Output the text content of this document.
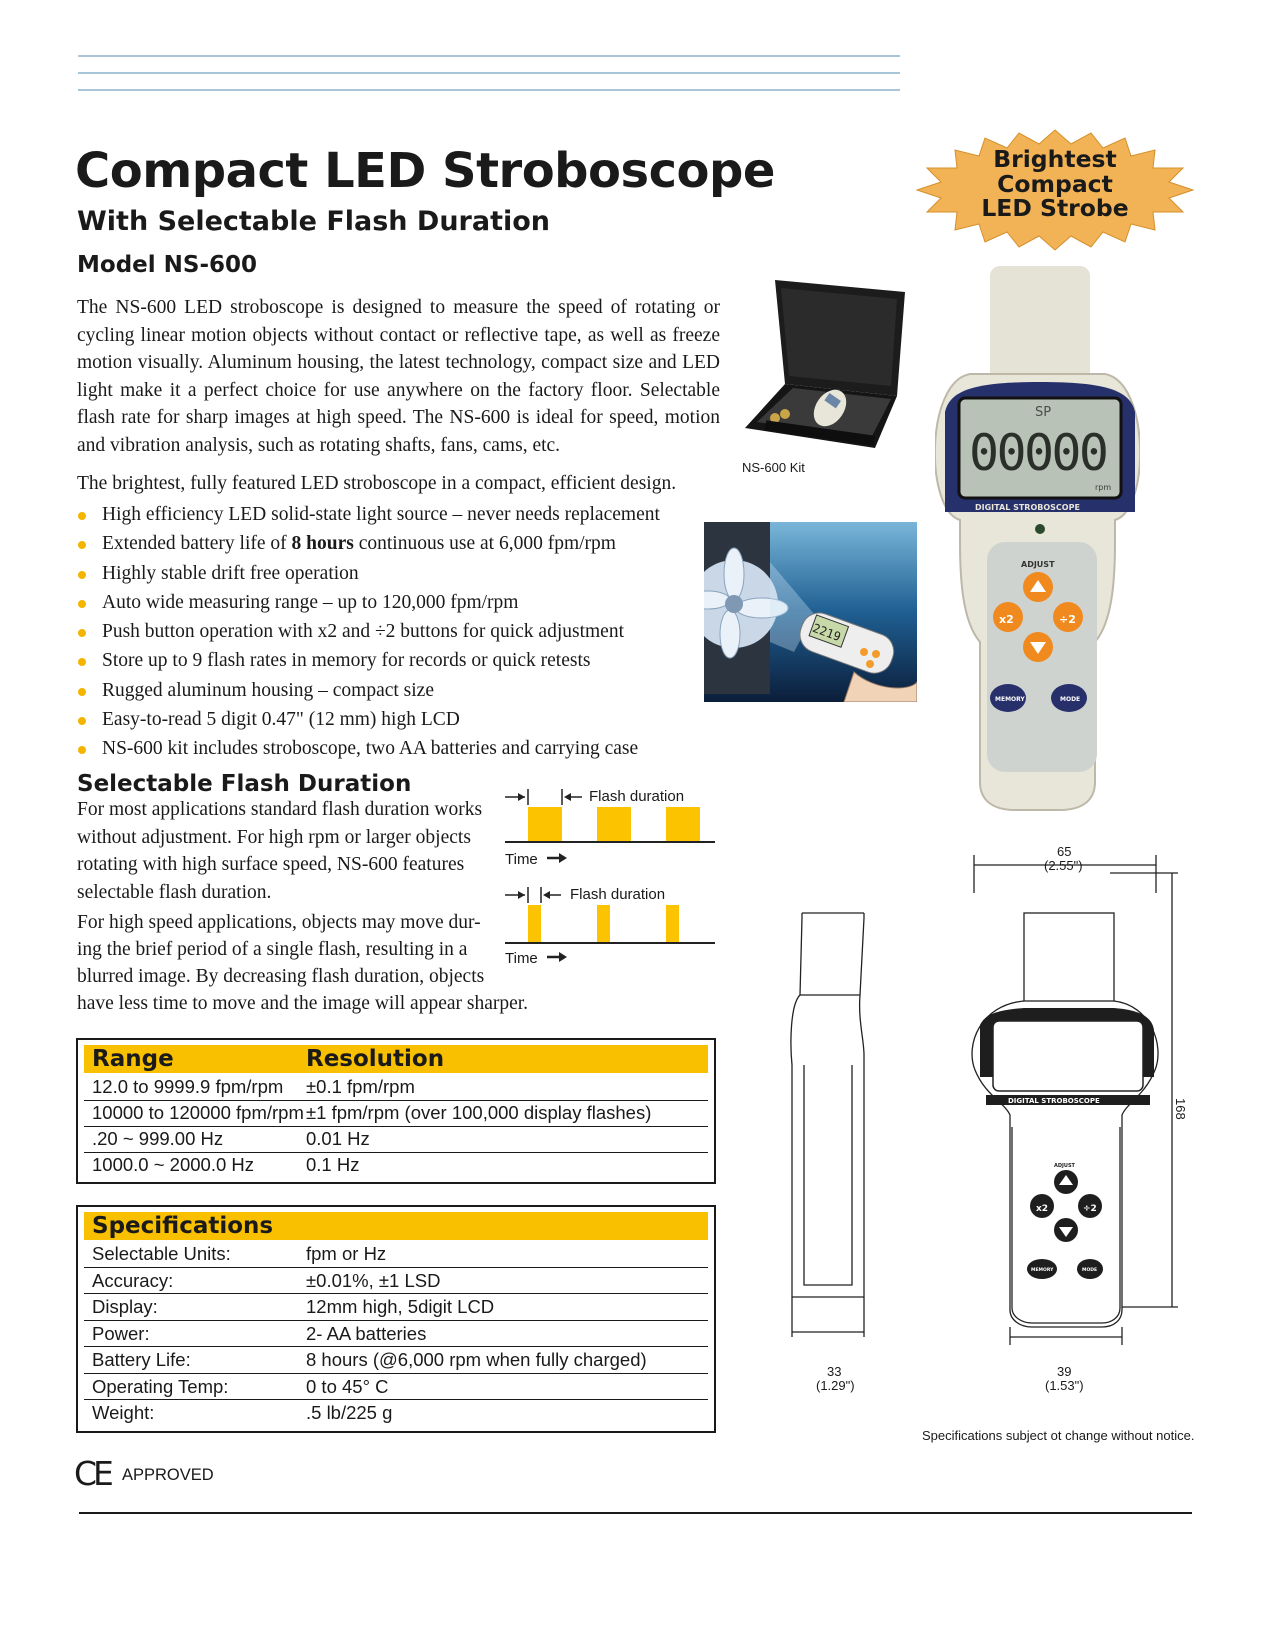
Compact LED Stroboscope
With Selectable Flash Duration
Model NS-600
Brightest
Compact
LED Strobe
The NS-600 LED stroboscope is designed to measure the speed of rotating or cycling linear motion objects without contact or reflective tape, as well as freeze motion visually. Aluminum housing, the latest technology, compact size and LED light make it a perfect choice for use anywhere on the factory floor. Selectable flash rate for sharp images at high speed. The NS-600 is ideal for speed, motion and vibration analysis, such as rotating shafts, fans, cams, etc.
NS-600 Kit
The brightest, fully featured LED stroboscope in a compact, efficient design.
High efficiency LED solid-state light source – never needs replacement
Extended battery life of 8 hours continuous use at 6,000 fpm/rpm
Highly stable drift free operation
Auto wide measuring range – up to 120,000 fpm/rpm
Push button operation with x2 and ÷2 buttons for quick adjustment
Store up to 9 flash rates in memory for records or quick retests
Rugged aluminum housing – compact size
Easy-to-read 5 digit 0.47" (12 mm) high LCD
NS-600 kit includes stroboscope, two AA batteries and carrying case
2219
SP
00000
rpm
DIGITAL STROBOSCOPE
ADJUST
x2	÷2
MEMORY	MODE
Selectable Flash Duration
For most applications standard flash duration works without adjustment. For high rpm or larger objects rotating with high surface speed, NS-600 features selectable flash duration.
For high speed applications, objects may move dur-
ing the brief period of a single flash, resulting in a
blurred image. By decreasing flash duration, objects
have less time to move and the image will appear sharper.
Flash duration
Time
Flash duration
Time
Range	Resolution
12.0 to 9999.9 fpm/rpm ±0.1 fpm/rpm
10000 to 120000 fpm/rpm ±1 fpm/rpm (over 100,000 display flashes)
.20 ~ 999.00 Hz	0.01 Hz
1000.0 ~ 2000.0 Hz	0.1 Hz
Specifications
Selectable Units:	fpm or Hz
Accuracy:	±0.01%, ±1 LSD
Display:	12mm high, 5digit LCD
Power:	2- AA batteries
Battery Life:	8 hours (@6,000 rpm when fully charged)
Operating Temp:	0 to 45° C
Weight:	.5 lb/225 g
DIGITAL STROBOSCOPE
ADJUST
x2	÷2
MEMORY	MODE
65
(2.55")
168
33
(1.29")
39
(1.53")
Specifications subject ot change without notice.
CE APPROVED
